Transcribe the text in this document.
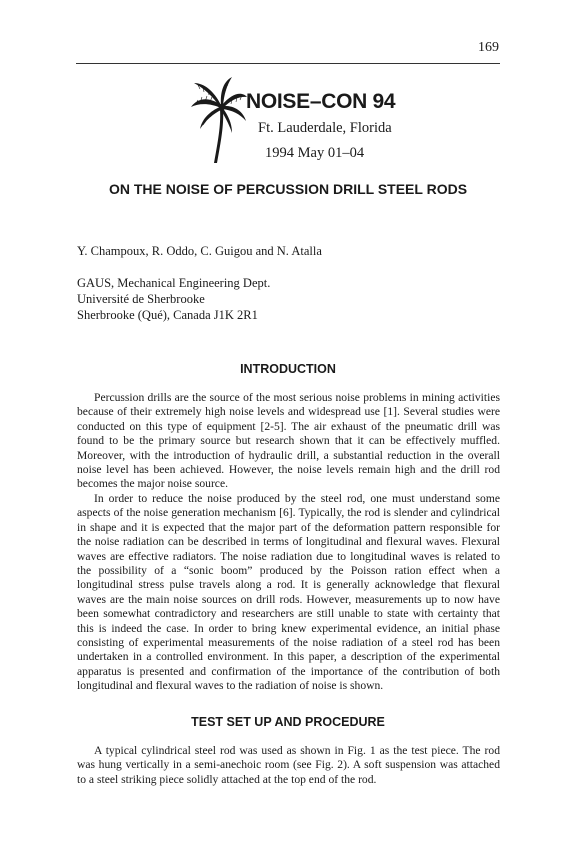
169
NOISE–CON 94
Ft. Lauderdale, Florida
1994 May 01–04
ON THE NOISE OF PERCUSSION DRILL STEEL RODS
Y. Champoux, R. Oddo, C. Guigou and N. Atalla
GAUS, Mechanical Engineering Dept.
Université de Sherbrooke
Sherbrooke (Qué), Canada J1K 2R1
INTRODUCTION

Percussion drills are the source of the most serious noise problems in mining activities because of their extremely high noise levels and widespread use [1]. Several studies were conducted on this type of equipment [2-5]. The air exhaust of the pneumatic drill was found to be the primary source but research shown that it can be effectively muffled. Moreover, with the introduction of hydraulic drill, a substantial reduction in the overall noise level has been achieved. However, the noise levels remain high and the drill rod becomes the major noise source.

In order to reduce the noise produced by the steel rod, one must understand some aspects of the noise generation mechanism [6]. Typically, the rod is slender and cylindrical in shape and it is expected that the major part of the deformation pattern responsible for the noise radiation can be described in terms of longitudinal and flexural waves. Flexural waves are effective radiators. The noise radiation due to longitudinal waves is related to the possibility of a “sonic boom” produced by the Poisson ration effect when a longitudinal stress pulse travels along a rod. It is generally acknowledge that flexural waves are the main noise sources on drill rods. However, measurements up to now have been somewhat contradictory and researchers are still unable to state with certainty that this is indeed the case. In order to bring knew experimental evidence, an initial phase consisting of experimental measurements of the noise radiation of a steel rod has been undertaken in a controlled environment. In this paper, a description of the experimental apparatus is presented and confirmation of the importance of the contribution of both longitudinal and flexural waves to the radiation of noise is shown.

TEST SET UP AND PROCEDURE

A typical cylindrical steel rod was used as shown in Fig. 1 as the test piece. The rod was hung vertically in a semi-anechoic room (see Fig. 2). A soft suspension was attached to a steel striking piece solidly attached at the top end of the rod.
